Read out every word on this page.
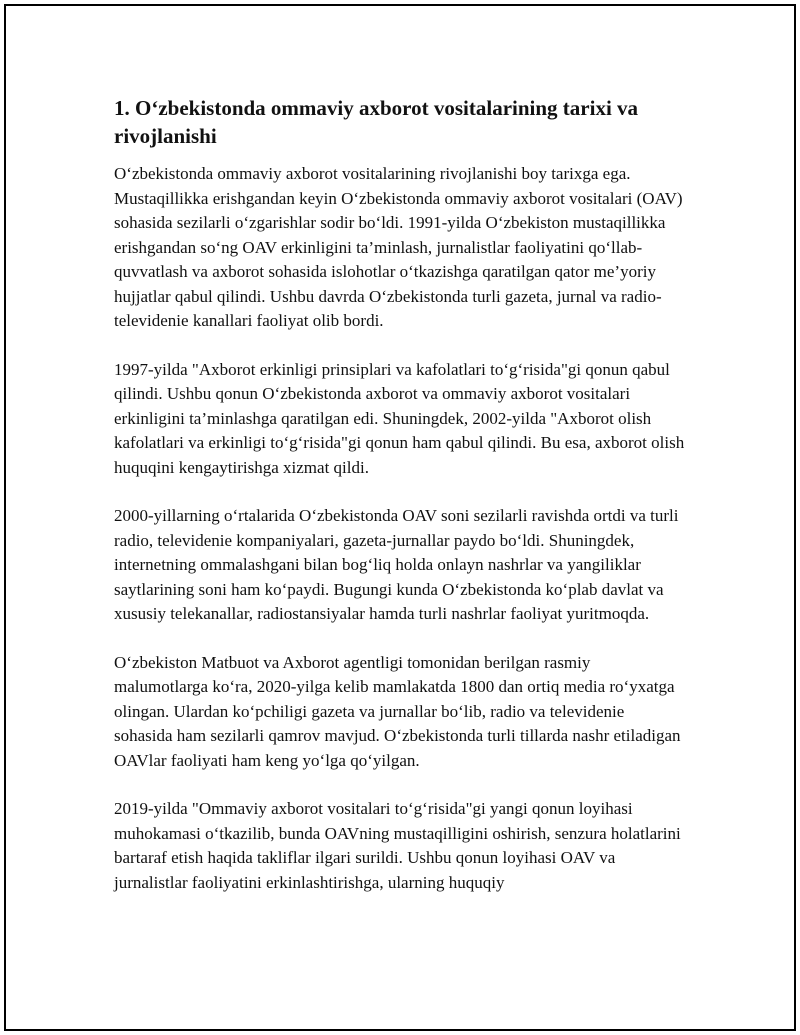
1. O‘zbekistonda ommaviy axborot vositalarining tarixi va rivojlanishi

O‘zbekistonda ommaviy axborot vositalarining rivojlanishi boy tarixga ega. Mustaqillikka erishgandan keyin O‘zbekistonda ommaviy axborot vositalari (OAV) sohasida sezilarli o‘zgarishlar sodir bo‘ldi. 1991-yilda O‘zbekiston mustaqillikka erishgandan so‘ng OAV erkinligini ta’minlash, jurnalistlar faoliyatini qo‘llab-quvvatlash va axborot sohasida islohotlar o‘tkazishga qaratilgan qator me’yoriy hujjatlar qabul qilindi. Ushbu davrda O‘zbekistonda turli gazeta, jurnal va radio-televidenie kanallari faoliyat olib bordi.

1997-yilda "Axborot erkinligi prinsiplari va kafolatlari to‘g‘risida"gi qonun qabul qilindi. Ushbu qonun O‘zbekistonda axborot va ommaviy axborot vositalari erkinligini ta’minlashga qaratilgan edi. Shuningdek, 2002-yilda "Axborot olish kafolatlari va erkinligi to‘g‘risida"gi qonun ham qabul qilindi. Bu esa, axborot olish huquqini kengaytirishga xizmat qildi.

2000-yillarning o‘rtalarida O‘zbekistonda OAV soni sezilarli ravishda ortdi va turli radio, televidenie kompaniyalari, gazeta-jurnallar paydo bo‘ldi. Shuningdek, internetning ommalashgani bilan bog‘liq holda onlayn nashrlar va yangiliklar saytlarining soni ham ko‘paydi. Bugungi kunda O‘zbekistonda ko‘plab davlat va xususiy telekanallar, radiostansiyalar hamda turli nashrlar faoliyat yuritmoqda.

O‘zbekiston Matbuot va Axborot agentligi tomonidan berilgan rasmiy malumotlarga ko‘ra, 2020-yilga kelib mamlakatda 1800 dan ortiq media ro‘yxatga olingan. Ulardan ko‘pchiligi gazeta va jurnallar bo‘lib, radio va televidenie sohasida ham sezilarli qamrov mavjud. O‘zbekistonda turli tillarda nashr etiladigan OAVlar faoliyati ham keng yo‘lga qo‘yilgan.

2019-yilda "Ommaviy axborot vositalari to‘g‘risida"gi yangi qonun loyihasi muhokamasi o‘tkazilib, bunda OAVning mustaqilligini oshirish, senzura holatlarini bartaraf etish haqida takliflar ilgari surildi. Ushbu qonun loyihasi OAV va jurnalistlar faoliyatini erkinlashtirishga, ularning huquqiy
